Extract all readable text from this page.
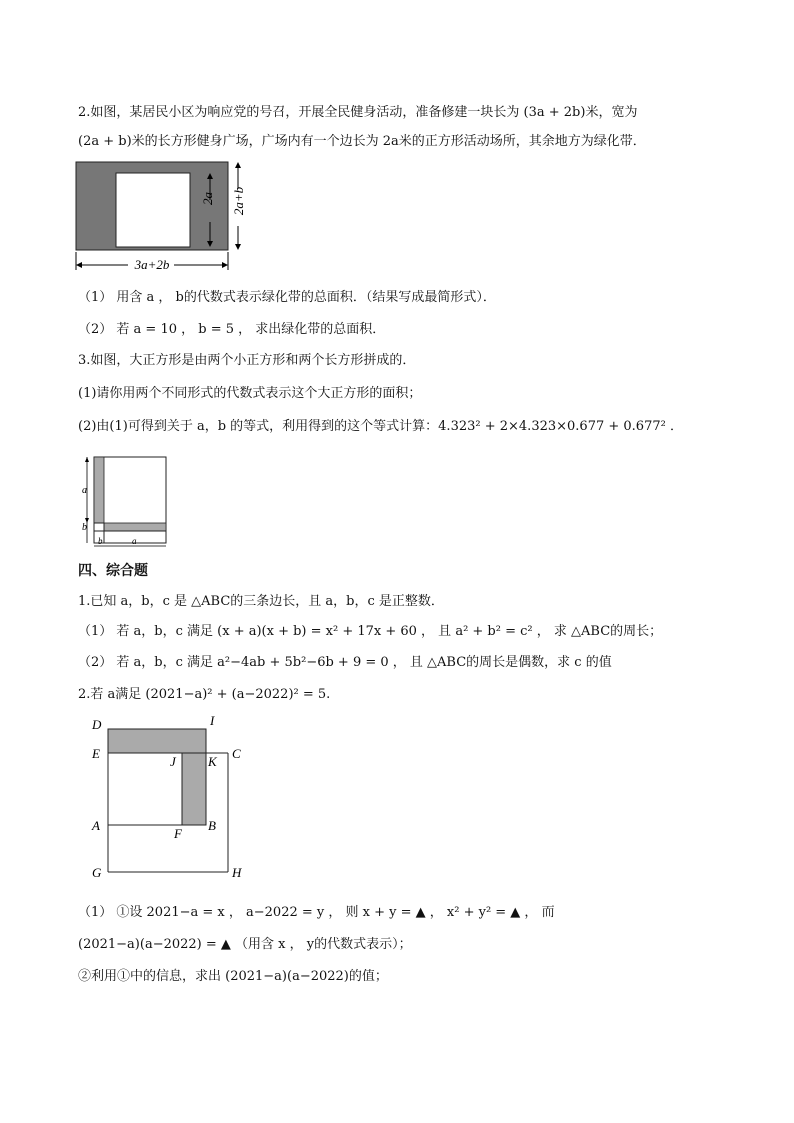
2.如图，某居民小区为响应党的号召，开展全民健身活动，准备修建一块长为 (3a + 2b)米，宽为
(2a + b)米的长方形健身广场，广场内有一个边长为 2a米的正方形活动场所，其余地方为绿化带．
2a 2a+b
3a+2b
（1） 用含 a ， b的代数式表示绿化带的总面积．（结果写成最简形式）．
（2） 若 a = 10 ， b = 5 ， 求出绿化带的总面积．
3.如图，大正方形是由两个小正方形和两个长方形拼成的．
(1)请你用两个不同形式的代数式表示这个大正方形的面积；
(2)由(1)可得到关于 a，b 的等式，利用得到的这个等式计算：4.323² + 2×4.323×0.677 + 0.677² ．
a
b
b	a
四、综合题
1.已知 a，b，c 是 △ABC的三条边长，且 a，b，c 是正整数．
（1） 若 a，b，c 满足 (x + a)(x + b) = x² + 17x + 60 ， 且 a² + b² = c² ， 求 △ABC的周长；
（2） 若 a，b，c 满足 a²−4ab + 5b²−6b + 9 = 0 ， 且 △ABC的周长是偶数，求 c 的值
2.若 a满足 (2021−a)² + (a−2022)² = 5.
D	I
E	C
J K
A
F
B
G	H
（1） ①设 2021−a = x ， a−2022 = y ， 则 x + y = ▲ ， x² + y² = ▲ ， 而
(2021−a)(a−2022) = ▲ （用含 x ， y的代数式表示）；
②利用①中的信息，求出 (2021−a)(a−2022)的值；
